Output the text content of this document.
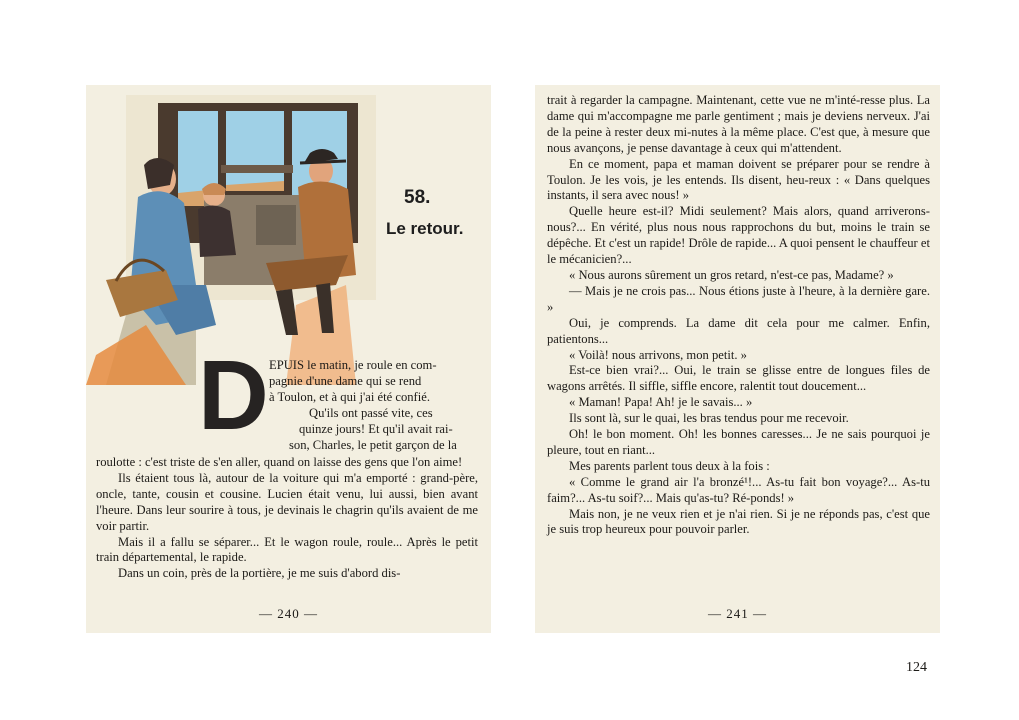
58.
Le retour.
D EPUIS le matin, je roule en com-

pagnie d'une dame qui se rend

à Toulon, et à qui j'ai été confié.

Qu'ils ont passé vite, ces

quinze jours! Et qu'il avait rai-

son, Charles, le petit garçon de la

roulotte : c'est triste de s'en aller, quand on laisse des gens que l'on aime!

Ils étaient tous là, autour de la voiture qui m'a emporté : grand-père, oncle, tante, cousin et cousine. Lucien était venu, lui aussi, bien avant l'heure. Dans leur sourire à tous, je devinais le chagrin qu'ils avaient de me voir partir.

Mais il a fallu se séparer... Et le wagon roule, roule... Après le petit train départemental, le rapide.

Dans un coin, près de la portière, je me suis d'abord dis-

— 240 —

trait à regarder la campagne. Maintenant, cette vue ne m'inté-resse plus. La dame qui m'accompagne me parle gentiment ; mais je deviens nerveux. J'ai de la peine à rester deux mi-nutes à la même place. C'est que, à mesure que nous avançons, je pense davantage à ceux qui m'attendent.

En ce moment, papa et maman doivent se préparer pour se rendre à Toulon. Je les vois, je les entends. Ils disent, heu-reux : « Dans quelques instants, il sera avec nous! »

Quelle heure est-il? Midi seulement? Mais alors, quand arriverons-nous?... En vérité, plus nous nous rapprochons du but, moins le train se dépêche. Et c'est un rapide! Drôle de rapide... A quoi pensent le chauffeur et le mécanicien?...

« Nous aurons sûrement un gros retard, n'est-ce pas, Madame? »

— Mais je ne crois pas... Nous étions juste à l'heure, à la dernière gare. »

Oui, je comprends. La dame dit cela pour me calmer. Enfin, patientons...

« Voilà! nous arrivons, mon petit. »

Est-ce bien vrai?... Oui, le train se glisse entre de longues files de wagons arrêtés. Il siffle, siffle encore, ralentit tout doucement...

« Maman! Papa! Ah! je le savais... »

Ils sont là, sur le quai, les bras tendus pour me recevoir.

Oh! le bon moment. Oh! les bonnes caresses... Je ne sais pourquoi je pleure, tout en riant...

Mes parents parlent tous deux à la fois :

« Comme le grand air l'a bronzé¹!... As-tu fait bon voyage?... As-tu faim?... As-tu soif?... Mais qu'as-tu? Ré-ponds! »

Mais non, je ne veux rien et je n'ai rien. Si je ne réponds pas, c'est que je suis trop heureux pour pouvoir parler.

— 241 —
124
